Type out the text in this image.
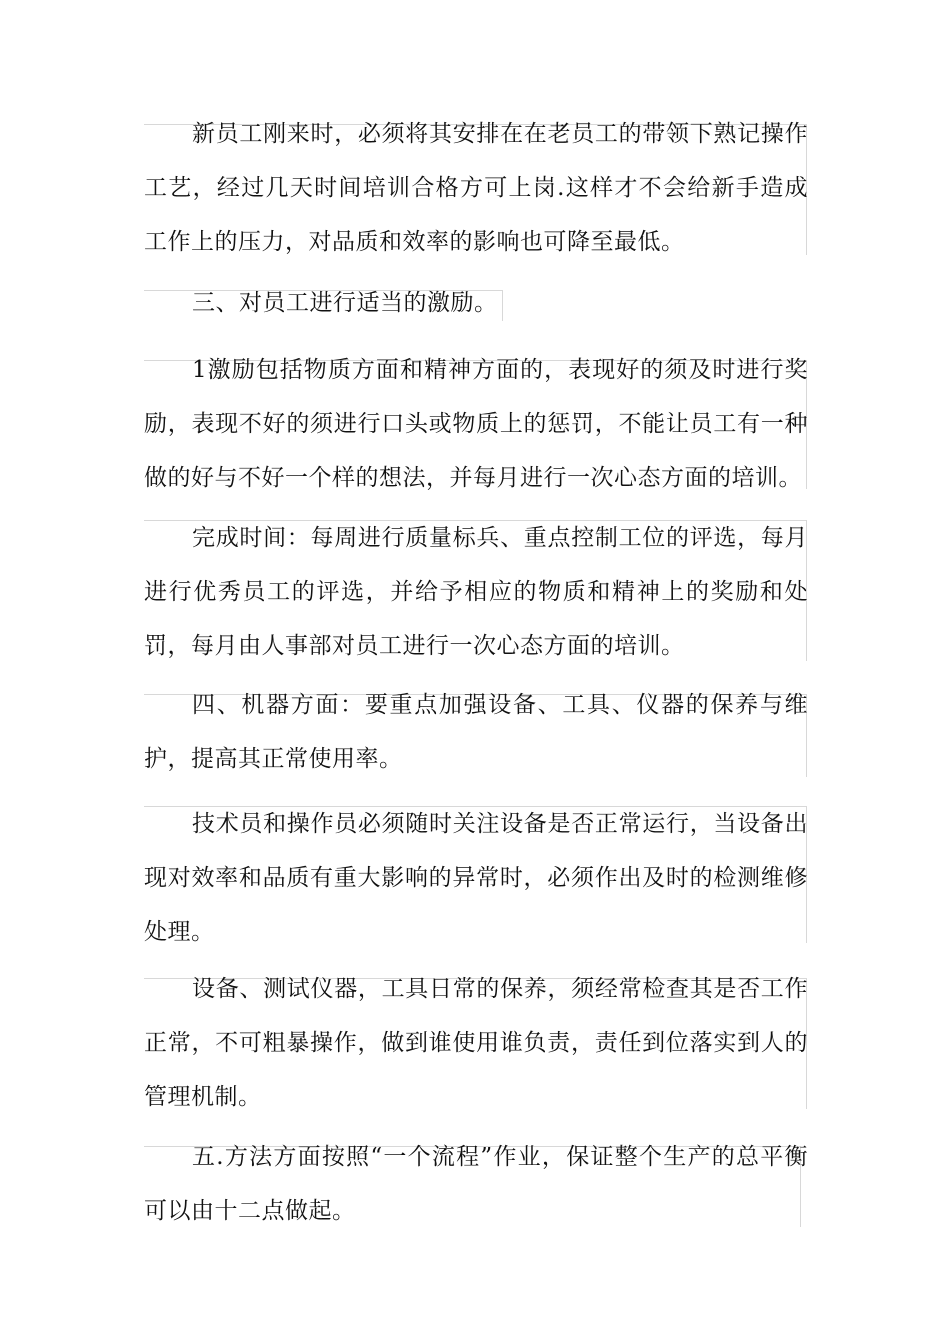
新员工刚来时，必须将其安排在在老员工的带领下熟记操作工艺，经过几天时间培训合格方可上岗.这样才不会给新手造成工作上的压力，对品质和效率的影响也可降至最低。

三、对员工进行适当的激励。

1激励包括物质方面和精神方面的，表现好的须及时进行奖励，表现不好的须进行口头或物质上的惩罚，不能让员工有一种做的好与不好一个样的想法，并每月进行一次心态方面的培训。

完成时间：每周进行质量标兵、重点控制工位的评选，每月进行优秀员工的评选，并给予相应的物质和精神上的奖励和处罚，每月由人事部对员工进行一次心态方面的培训。

四、机器方面：要重点加强设备、工具、仪器的保养与维护，提高其正常使用率。

技术员和操作员必须随时关注设备是否正常运行，当设备出现对效率和品质有重大影响的异常时，必须作出及时的检测维修处理。

设备、测试仪器，工具日常的保养，须经常检查其是否工作正常，不可粗暴操作，做到谁使用谁负责，责任到位落实到人的管理机制。

五.方法方面按照“一个流程”作业，保证整个生产的总平衡可以由十二点做起。
